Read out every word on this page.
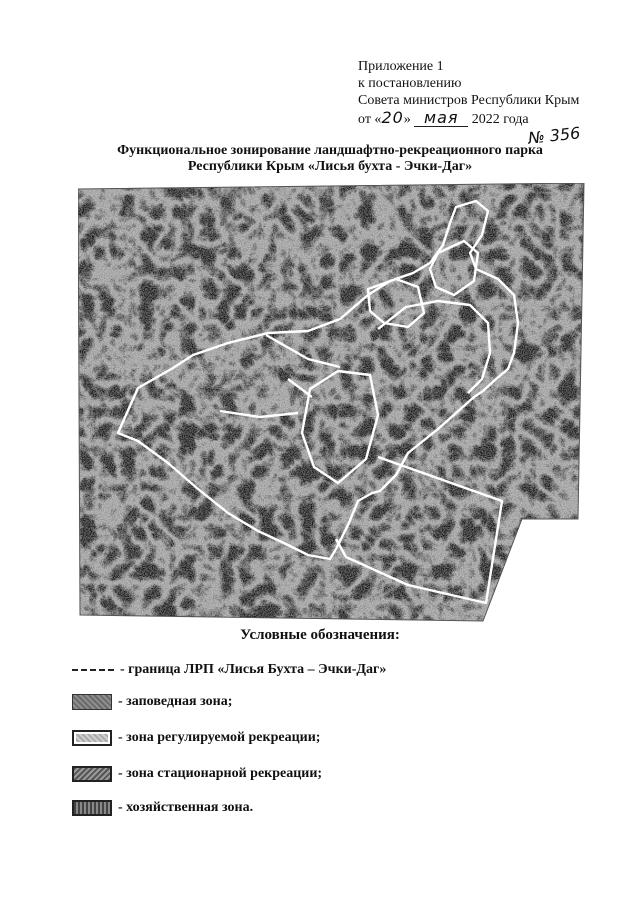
Приложение 1
к постановлению
Совета министров Республики Крым
от «20» мая 2022 года
№ 356
Функциональное зонирование ландшафтно-рекреационного парка
Республики Крым «Лисья бухта - Эчки-Даг»
Условные обозначения:
- граница ЛРП «Лисья Бухта – Эчки-Даг»
- заповедная зона;
- зона регулируемой рекреации;
- зона стационарной рекреации;
- хозяйственная зона.
